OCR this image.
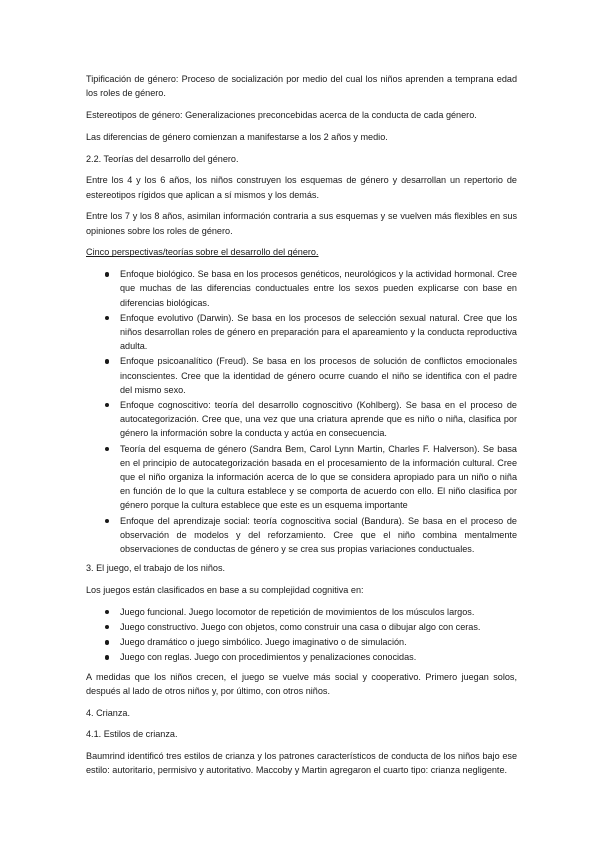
Tipificación de género: Proceso de socialización por medio del cual los niños aprenden a temprana edad los roles de género.

Estereotipos de género: Generalizaciones preconcebidas acerca de la conducta de cada género.

Las diferencias de género comienzan a manifestarse a los 2 años y medio.

2.2. Teorías del desarrollo del género.

Entre los 4 y los 6 años, los niños construyen los esquemas de género y desarrollan un repertorio de estereotipos rígidos que aplican a sí mismos y los demás.

Entre los 7 y los 8 años, asimilan información contraria a sus esquemas y se vuelven más flexibles en sus opiniones sobre los roles de género.

Cinco perspectivas/teorías sobre el desarrollo del género.

Enfoque biológico. Se basa en los procesos genéticos, neurológicos y la actividad hormonal. Cree que muchas de las diferencias conductuales entre los sexos pueden explicarse con base en diferencias biológicas.
Enfoque evolutivo (Darwin). Se basa en los procesos de selección sexual natural. Cree que los niños desarrollan roles de género en preparación para el apareamiento y la conducta reproductiva adulta.
Enfoque psicoanalítico (Freud). Se basa en los procesos de solución de conflictos emocionales inconscientes. Cree que la identidad de género ocurre cuando el niño se identifica con el padre del mismo sexo.
Enfoque cognoscitivo: teoría del desarrollo cognoscitivo (Kohlberg). Se basa en el proceso de autocategorización. Cree que, una vez que una criatura aprende que es niño o niña, clasifica por género la información sobre la conducta y actúa en consecuencia.
Teoría del esquema de género (Sandra Bem, Carol Lynn Martin, Charles F. Halverson). Se basa en el principio de autocategorización basada en el procesamiento de la información cultural. Cree que el niño organiza la información acerca de lo que se considera apropiado para un niño o niña en función de lo que la cultura establece y se comporta de acuerdo con ello. El niño clasifica por género porque la cultura establece que este es un esquema importante
Enfoque del aprendizaje social: teoría cognoscitiva social (Bandura). Se basa en el proceso de observación de modelos y del reforzamiento. Cree que el niño combina mentalmente observaciones de conductas de género y se crea sus propias variaciones conductuales.

3. El juego, el trabajo de los niños.

Los juegos están clasificados en base a su complejidad cognitiva en:

Juego funcional. Juego locomotor de repetición de movimientos de los músculos largos.
Juego constructivo. Juego con objetos, como construir una casa o dibujar algo con ceras.
Juego dramático o juego simbólico. Juego imaginativo o de simulación.
Juego con reglas. Juego con procedimientos y penalizaciones conocidas.

A medidas que los niños crecen, el juego se vuelve más social y cooperativo. Primero juegan solos, después al lado de otros niños y, por último, con otros niños.

4. Crianza.

4.1. Estilos de crianza.

Baumrind identificó tres estilos de crianza y los patrones característicos de conducta de los niños bajo ese estilo: autoritario, permisivo y autoritativo. Maccoby y Martin agregaron el cuarto tipo: crianza negligente.
